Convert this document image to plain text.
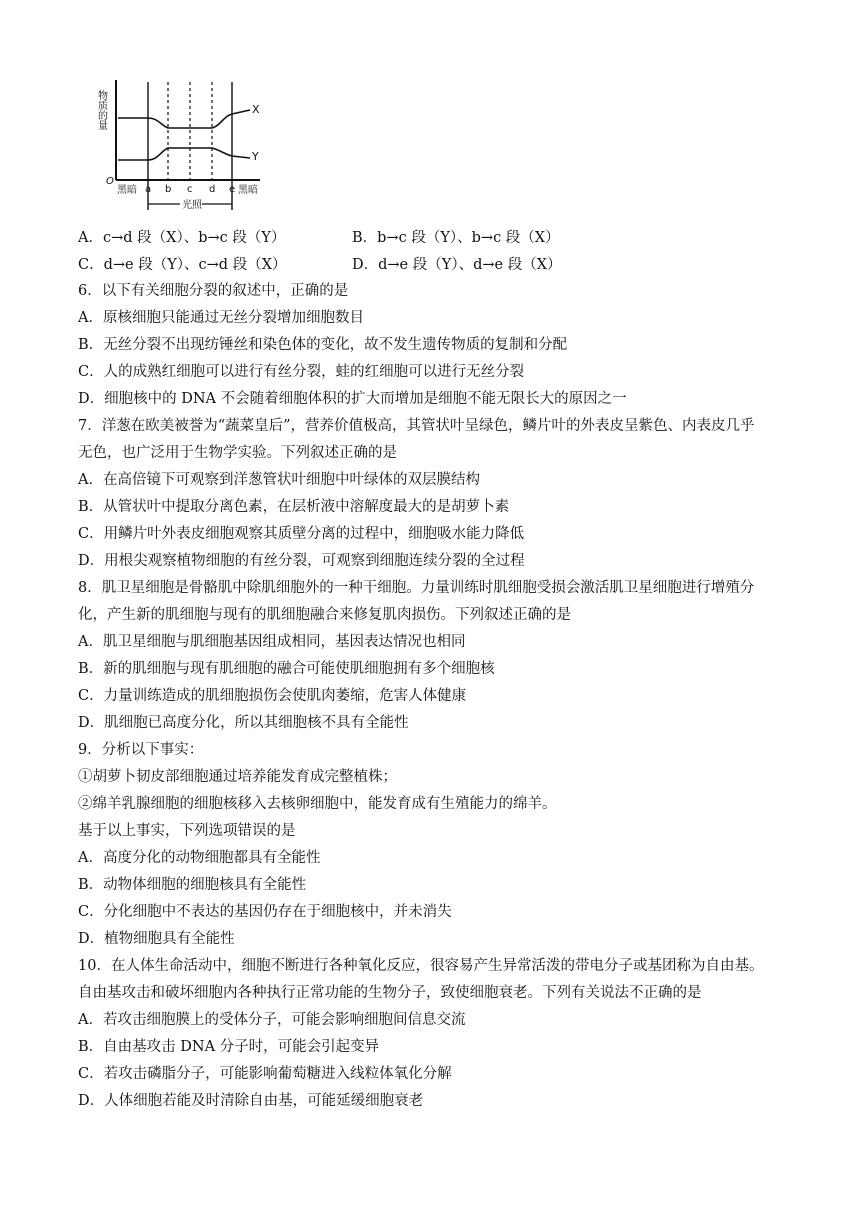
物质的量
O
X
Y
黑暗 a b c d e 黑暗
光照
A．c→d 段（X）、b→c 段（Y）	B．b→c 段（Y）、b→c 段（X）
C．d→e 段（Y）、c→d 段（X）	D．d→e 段（Y）、d→e 段（X）
6．以下有关细胞分裂的叙述中，正确的是
A．原核细胞只能通过无丝分裂增加细胞数目
B．无丝分裂不出现纺锤丝和染色体的变化，故不发生遗传物质的复制和分配
C．人的成熟红细胞可以进行有丝分裂，蛙的红细胞可以进行无丝分裂
D．细胞核中的 DNA 不会随着细胞体积的扩大而增加是细胞不能无限长大的原因之一
7．洋葱在欧美被誉为“蔬菜皇后”，营养价值极高，其管状叶呈绿色，鳞片叶的外表皮呈紫色、内表皮几乎
无色，也广泛用于生物学实验。下列叙述正确的是
A．在高倍镜下可观察到洋葱管状叶细胞中叶绿体的双层膜结构
B．从管状叶中提取分离色素，在层析液中溶解度最大的是胡萝卜素
C．用鳞片叶外表皮细胞观察其质壁分离的过程中，细胞吸水能力降低
D．用根尖观察植物细胞的有丝分裂，可观察到细胞连续分裂的全过程
8．肌卫星细胞是骨骼肌中除肌细胞外的一种干细胞。力量训练时肌细胞受损会激活肌卫星细胞进行增殖分
化，产生新的肌细胞与现有的肌细胞融合来修复肌肉损伤。下列叙述正确的是
A．肌卫星细胞与肌细胞基因组成相同，基因表达情况也相同
B．新的肌细胞与现有肌细胞的融合可能使肌细胞拥有多个细胞核
C．力量训练造成的肌细胞损伤会使肌肉萎缩，危害人体健康
D．肌细胞已高度分化，所以其细胞核不具有全能性
9．分析以下事实：
①胡萝卜韧皮部细胞通过培养能发育成完整植株；
②绵羊乳腺细胞的细胞核移入去核卵细胞中，能发育成有生殖能力的绵羊。
基于以上事实，下列选项错误的是
A．高度分化的动物细胞都具有全能性
B．动物体细胞的细胞核具有全能性
C．分化细胞中不表达的基因仍存在于细胞核中，并未消失
D．植物细胞具有全能性
10．在人体生命活动中，细胞不断进行各种氧化反应，很容易产生异常活泼的带电分子或基团称为自由基。
自由基攻击和破坏细胞内各种执行正常功能的生物分子，致使细胞衰老。下列有关说法不正确的是
A．若攻击细胞膜上的受体分子，可能会影响细胞间信息交流
B．自由基攻击 DNA 分子时，可能会引起变异
C．若攻击磷脂分子，可能影响葡萄糖进入线粒体氧化分解
D．人体细胞若能及时清除自由基，可能延缓细胞衰老
